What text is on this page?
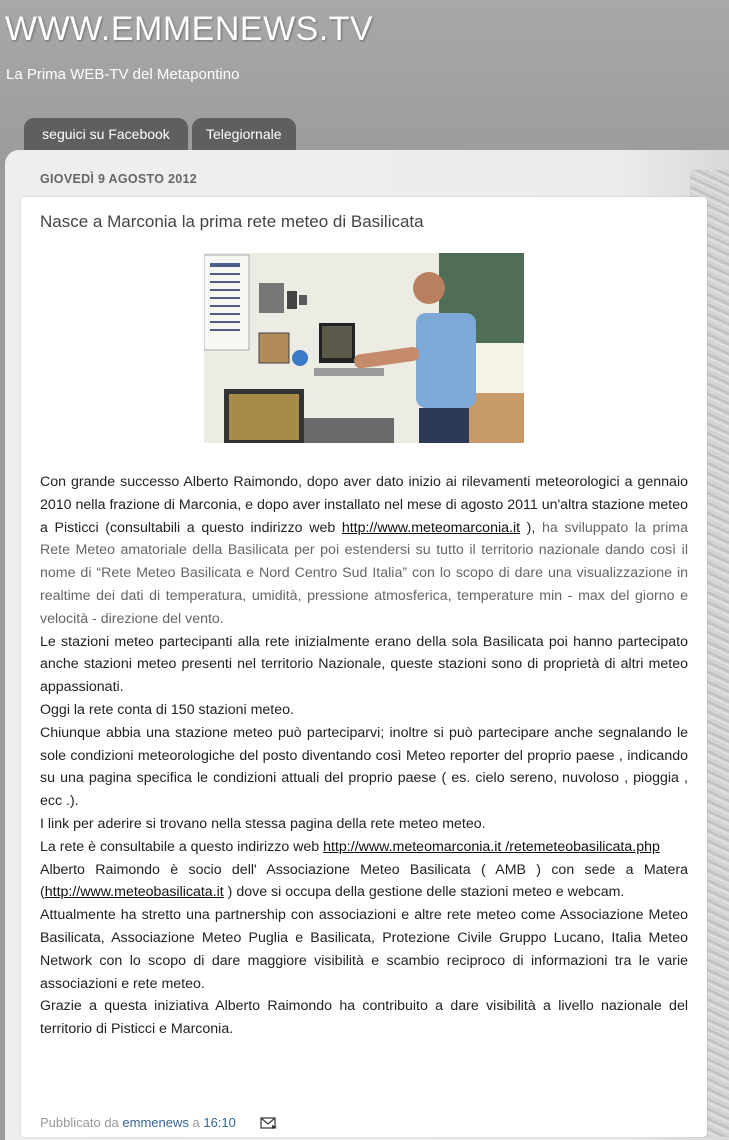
WWW.EMMENEWS.TV

La Prima WEB-TV del Metapontino

seguici su Facebook	Telegiornale
GIOVEDÌ 9 AGOSTO 2012
Nasce a Marconia la prima rete meteo di Basilicata

Con grande successo Alberto Raimondo, dopo aver dato inizio ai rilevamenti meteorologici a gennaio 2010 nella frazione di Marconia, e dopo aver installato nel mese di agosto 2011 un'altra stazione meteo a Pisticci (consultabili a questo indirizzo web http://www.meteomarconia.it ), ha sviluppato la prima Rete Meteo amatoriale della Basilicata per poi estendersi su tutto il territorio nazionale dando così il nome di “Rete Meteo Basilicata e Nord Centro Sud Italia” con lo scopo di dare una visualizzazione in realtime dei dati di temperatura, umidità, pressione atmosferica, temperature min - max del giorno e velocità - direzione del vento.

Le stazioni meteo partecipanti alla rete inizialmente erano della sola Basilicata poi hanno partecipato anche stazioni meteo presenti nel territorio Nazionale, queste stazioni sono di proprietà di altri meteo appassionati.

Oggi la rete conta di 150 stazioni meteo.

Chiunque abbia una stazione meteo può parteciparvi; inoltre si può partecipare anche segnalando le sole condizioni meteorologiche del posto diventando così Meteo reporter del proprio paese , indicando su una pagina specifica le condizioni attuali del proprio paese ( es. cielo sereno, nuvoloso , pioggia , ecc .).

I link per aderire si trovano nella stessa pagina della rete meteo meteo.

La rete è consultabile a questo indirizzo web http://www.meteomarconia.it /retemeteobasilicata.php

Alberto Raimondo è socio dell' Associazione Meteo Basilicata ( AMB ) con sede a Matera (http://www.meteobasilicata.it ) dove si occupa della gestione delle stazioni meteo e webcam.

Attualmente ha stretto una partnership con associazioni e altre rete meteo come Associazione Meteo Basilicata, Associazione Meteo Puglia e Basilicata, Protezione Civile Gruppo Lucano, Italia Meteo Network con lo scopo di dare maggiore visibilità e scambio reciproco di informazioni tra le varie associazioni e rete meteo.

Grazie a questa iniziativa Alberto Raimondo ha contribuito a dare visibilità a livello nazionale del territorio di Pisticci e Marconia.

Pubblicato da emmenews a 16:10
